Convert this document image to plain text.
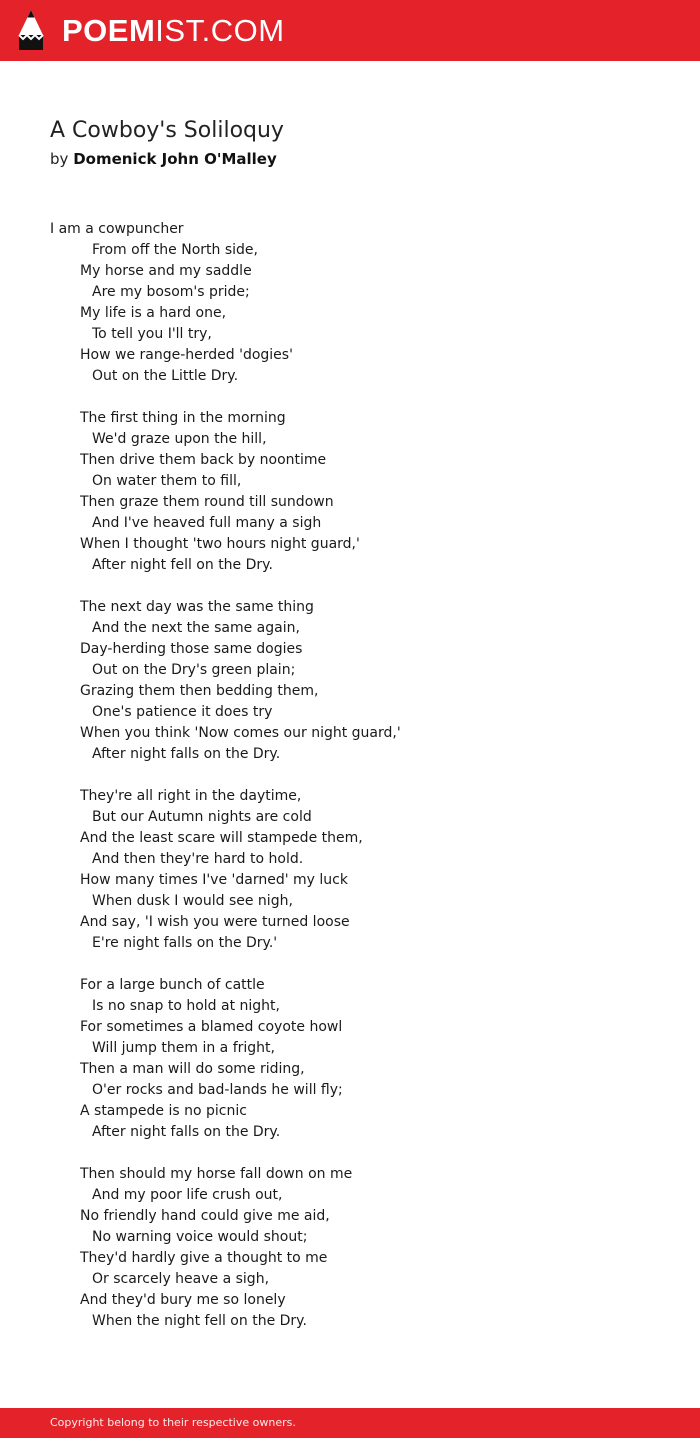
POEMIST.COM
A Cowboy's Soliloquy
by Domenick John O'Malley
I am a cowpuncher
From off the North side,
My horse and my saddle
Are my bosom's pride;
My life is a hard one,
To tell you I'll try,
How we range-herded 'dogies'
Out on the Little Dry.
The first thing in the morning
We'd graze upon the hill,
Then drive them back by noontime
On water them to fill,
Then graze them round till sundown
And I've heaved full many a sigh
When I thought 'two hours night guard,'
After night fell on the Dry.
The next day was the same thing
And the next the same again,
Day-herding those same dogies
Out on the Dry's green plain;
Grazing them then bedding them,
One's patience it does try
When you think 'Now comes our night guard,'
After night falls on the Dry.
They're all right in the daytime,
But our Autumn nights are cold
And the least scare will stampede them,
And then they're hard to hold.
How many times I've 'darned' my luck
When dusk I would see nigh,
And say, 'I wish you were turned loose
E're night falls on the Dry.'
For a large bunch of cattle
Is no snap to hold at night,
For sometimes a blamed coyote howl
Will jump them in a fright,
Then a man will do some riding,
O'er rocks and bad-lands he will fly;
A stampede is no picnic
After night falls on the Dry.
Then should my horse fall down on me
And my poor life crush out,
No friendly hand could give me aid,
No warning voice would shout;
They'd hardly give a thought to me
Or scarcely heave a sigh,
And they'd bury me so lonely
When the night fell on the Dry.
Copyright belong to their respective owners.
